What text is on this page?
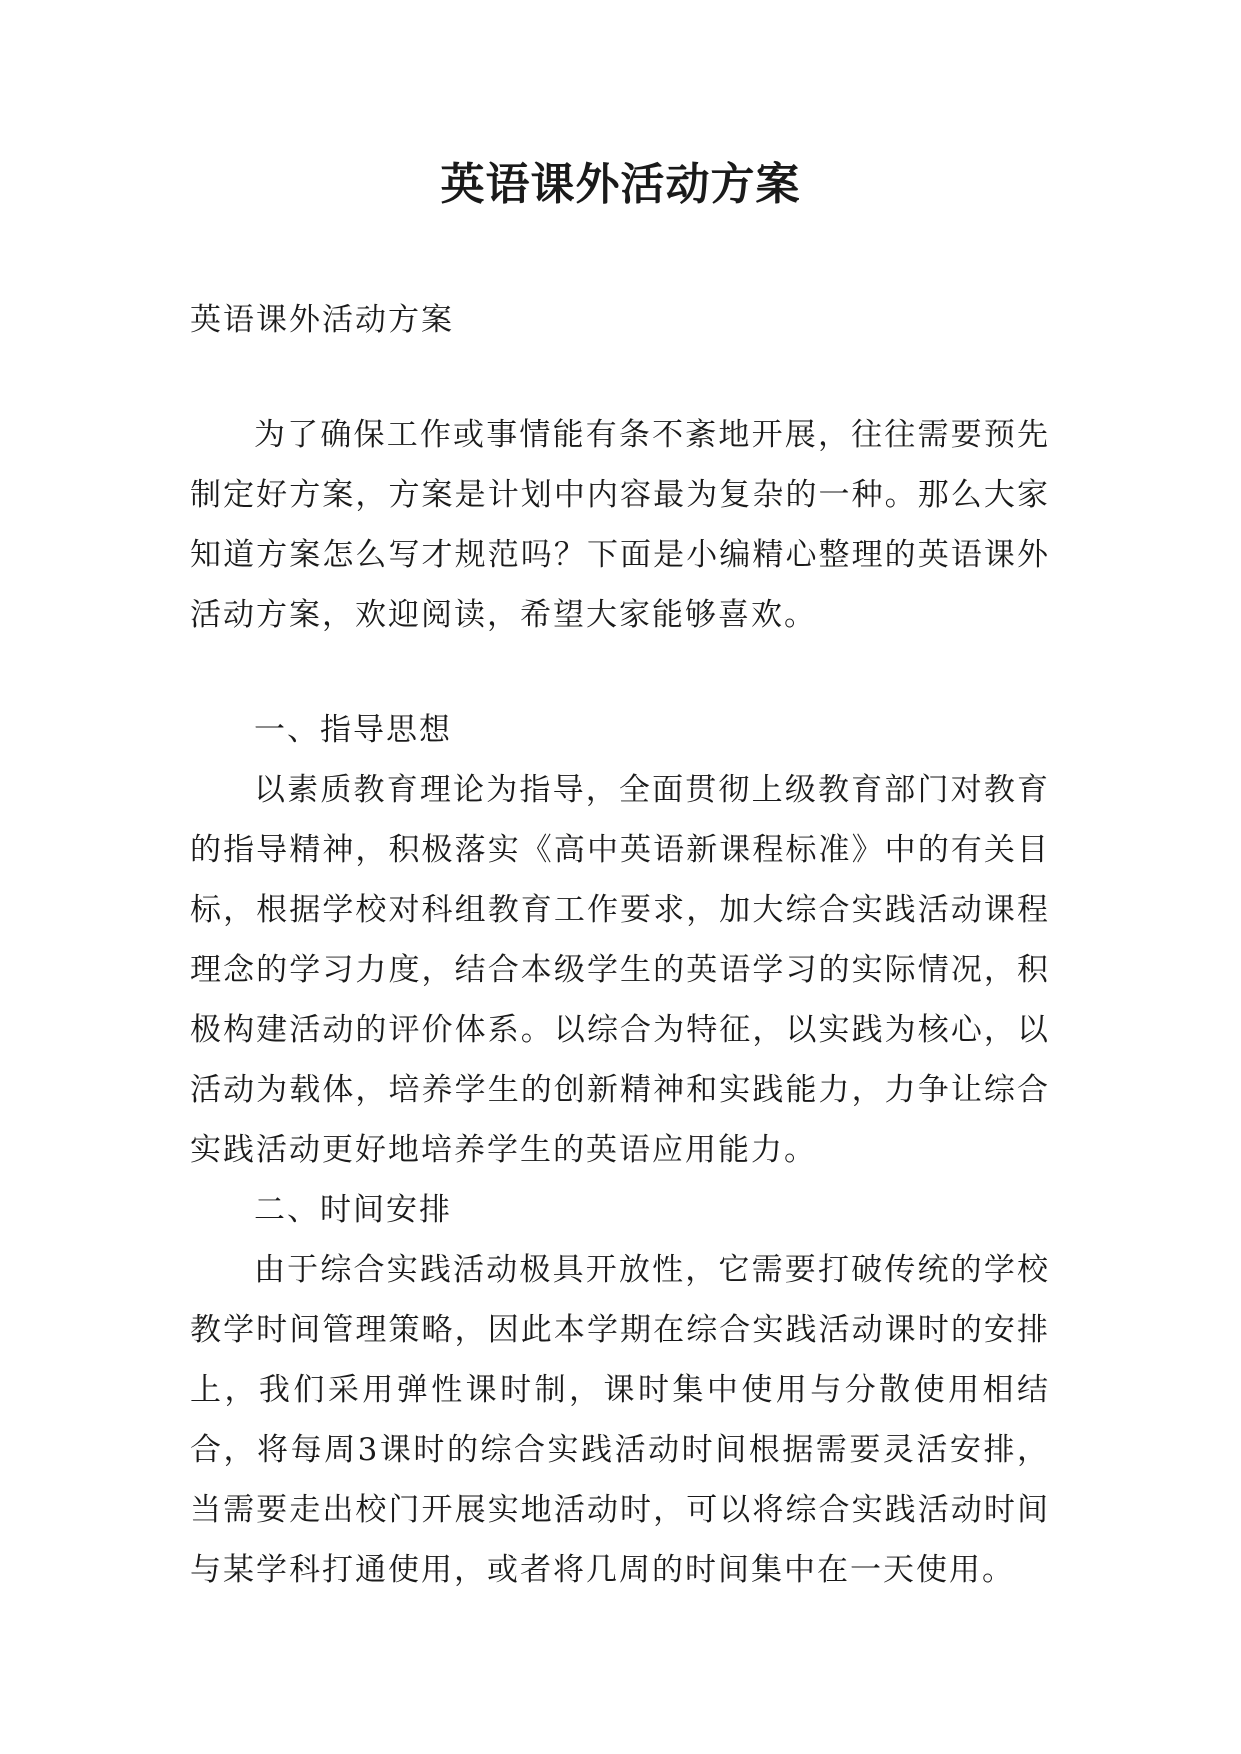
英语课外活动方案

英语课外活动方案

为了确保工作或事情能有条不紊地开展，往往需要预先制定好方案，方案是计划中内容最为复杂的一种。那么大家知道方案怎么写才规范吗？下面是小编精心整理的英语课外活动方案，欢迎阅读，希望大家能够喜欢。

一、指导思想

以素质教育理论为指导，全面贯彻上级教育部门对教育的指导精神，积极落实《高中英语新课程标准》中的有关目标，根据学校对科组教育工作要求，加大综合实践活动课程理念的学习力度，结合本级学生的英语学习的实际情况，积极构建活动的评价体系。以综合为特征，以实践为核心，以活动为载体，培养学生的创新精神和实践能力，力争让综合实践活动更好地培养学生的英语应用能力。

二、时间安排

由于综合实践活动极具开放性，它需要打破传统的学校教学时间管理策略，因此本学期在综合实践活动课时的安排上，我们采用弹性课时制，课时集中使用与分散使用相结合，将每周3课时的综合实践活动时间根据需要灵活安排，当需要走出校门开展实地活动时，可以将综合实践活动时间与某学科打通使用，或者将几周的时间集中在一天使用。
